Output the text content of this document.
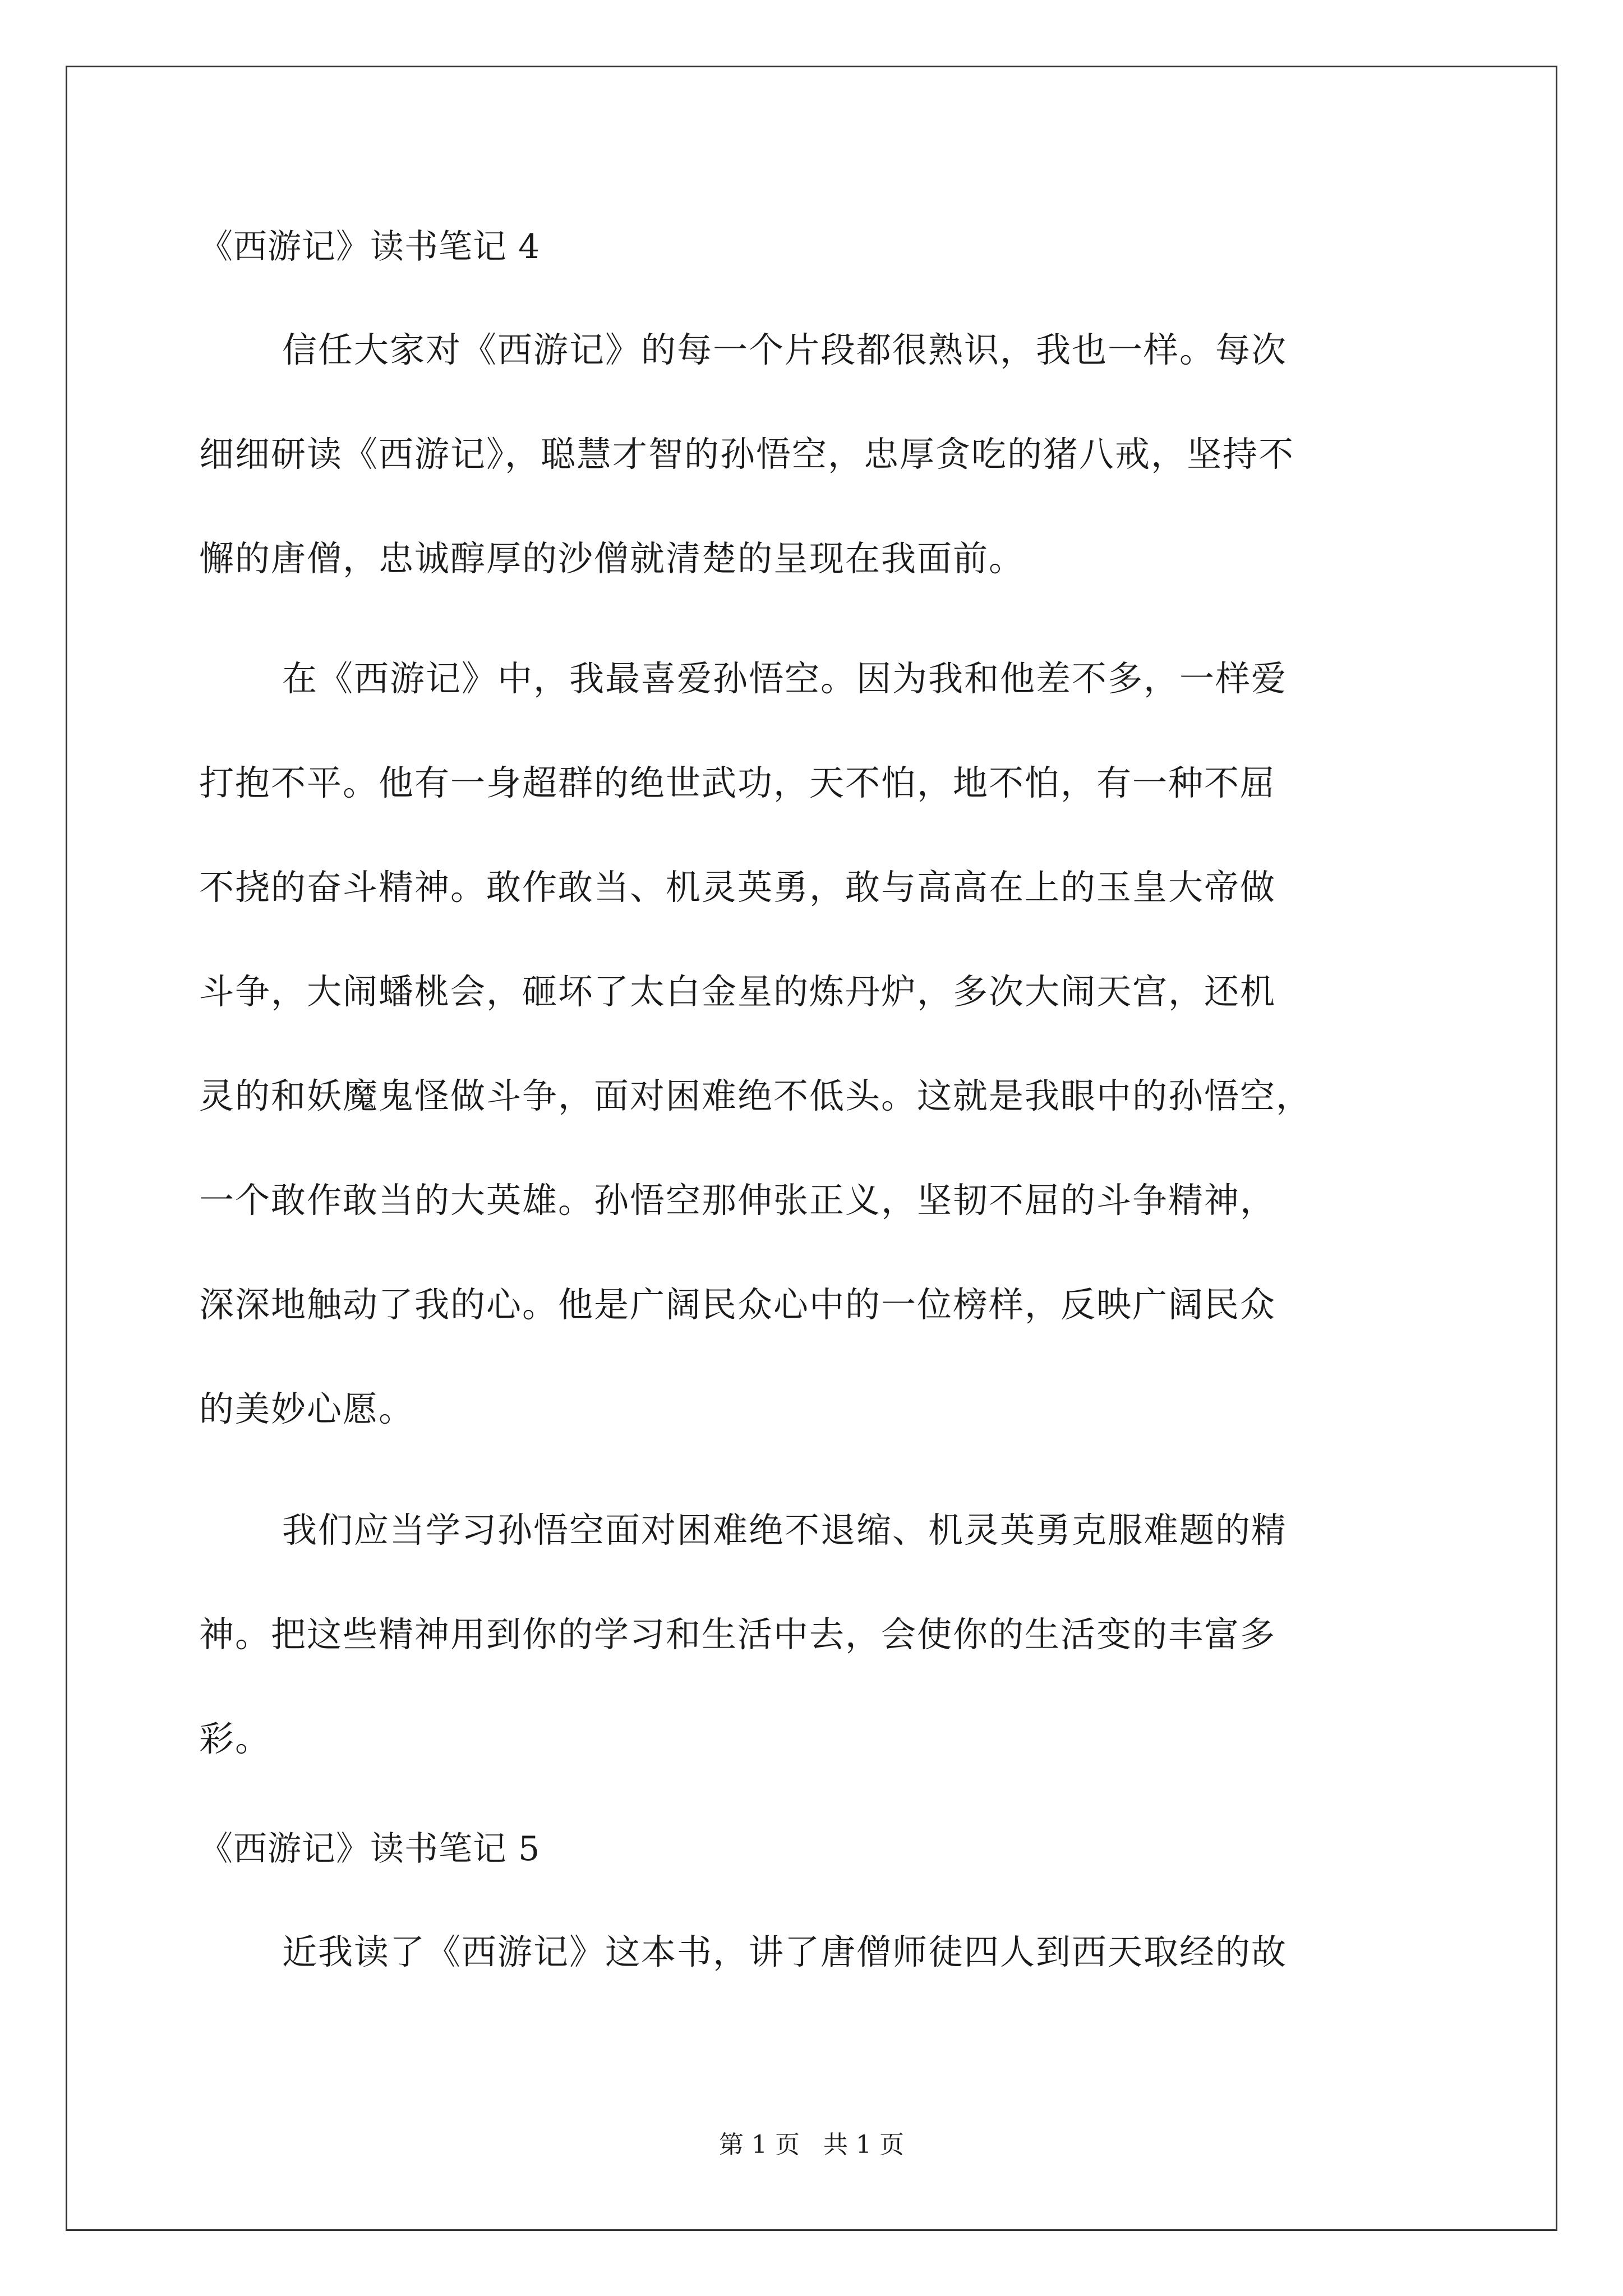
《西游记》读书笔记 4
信任大家对《西游记》的每一个片段都很熟识，我也一样。每次
细细研读《西游记》，聪慧才智的孙悟空，忠厚贪吃的猪八戒，坚持不
懈的唐僧，忠诚醇厚的沙僧就清楚的呈现在我面前。
在《西游记》中，我最喜爱孙悟空。因为我和他差不多，一样爱
打抱不平。他有一身超群的绝世武功，天不怕，地不怕，有一种不屈
不挠的奋斗精神。敢作敢当、机灵英勇，敢与高高在上的玉皇大帝做
斗争，大闹蟠桃会，砸坏了太白金星的炼丹炉，多次大闹天宫，还机
灵的和妖魔鬼怪做斗争，面对困难绝不低头。这就是我眼中的孙悟空，
一个敢作敢当的大英雄。孙悟空那伸张正义，坚韧不屈的斗争精神，
深深地触动了我的心。他是广阔民众心中的一位榜样，反映广阔民众
的美妙心愿。
我们应当学习孙悟空面对困难绝不退缩、机灵英勇克服难题的精
神。把这些精神用到你的学习和生活中去，会使你的生活变的丰富多
彩。
《西游记》读书笔记 5
近我读了《西游记》这本书，讲了唐僧师徒四人到西天取经的故
第 1 页 共 1 页
